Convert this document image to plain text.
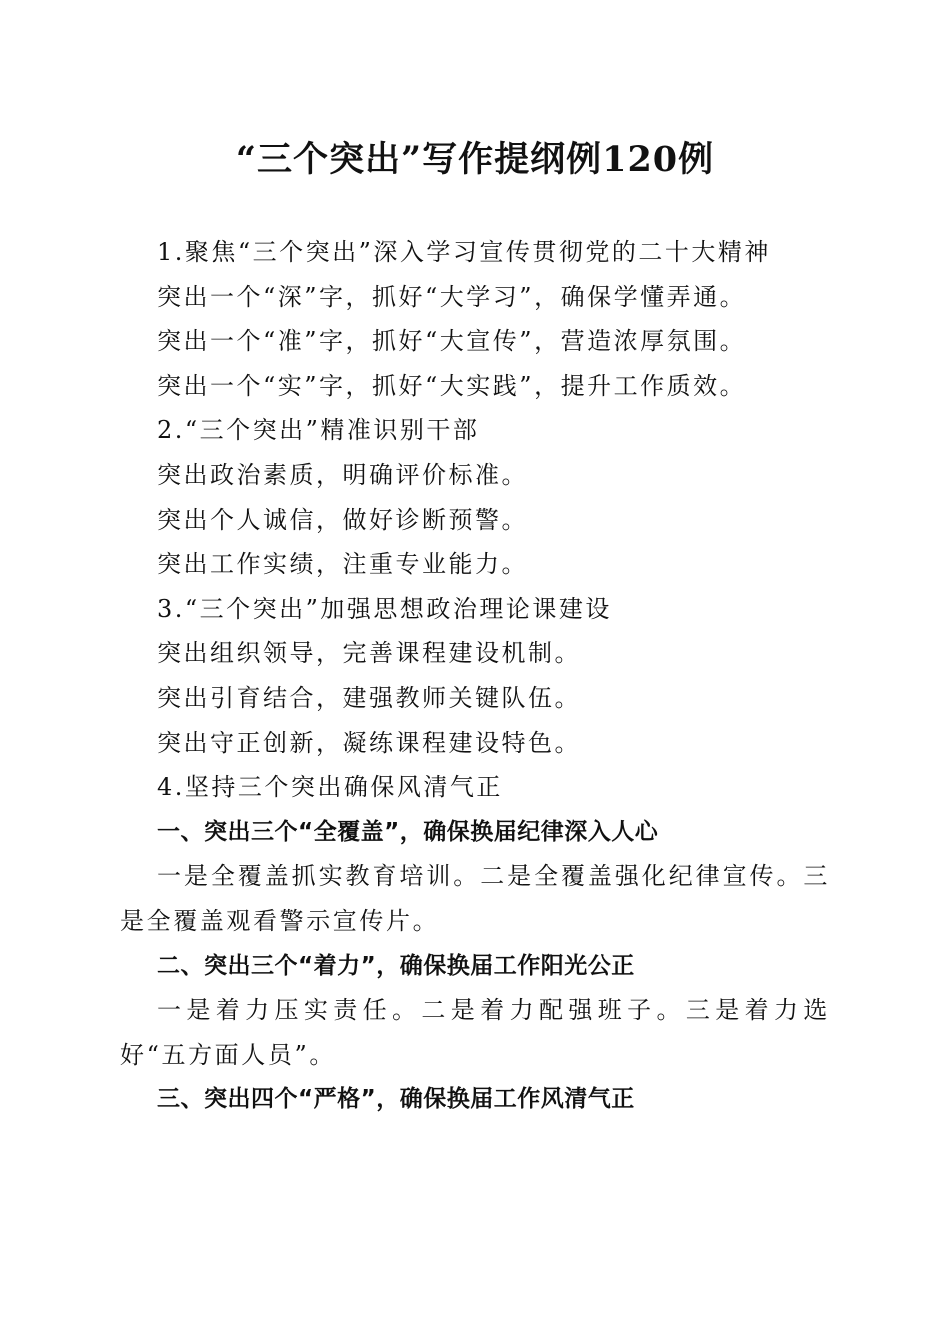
“三个突出”写作提纲例120例
1.聚焦“三个突出”深入学习宣传贯彻党的二十大精神
突出一个“深”字，抓好“大学习”，确保学懂弄通。
突出一个“准”字，抓好“大宣传”，营造浓厚氛围。
突出一个“实”字，抓好“大实践”，提升工作质效。
2.“三个突出”精准识别干部
突出政治素质，明确评价标准。
突出个人诚信，做好诊断预警。
突出工作实绩，注重专业能力。
3.“三个突出”加强思想政治理论课建设
突出组织领导，完善课程建设机制。
突出引育结合，建强教师关键队伍。
突出守正创新，凝练课程建设特色。
4.坚持三个突出确保风清气正
一、突出三个“全覆盖”，确保换届纪律深入人心
一是全覆盖抓实教育培训。二是全覆盖强化纪律宣传。三是全覆盖观看警示宣传片。
二、突出三个“着力”，确保换届工作阳光公正
一是着力压实责任。二是着力配强班子。三是着力选好“五方面人员”。
三、突出四个“严格”，确保换届工作风清气正
